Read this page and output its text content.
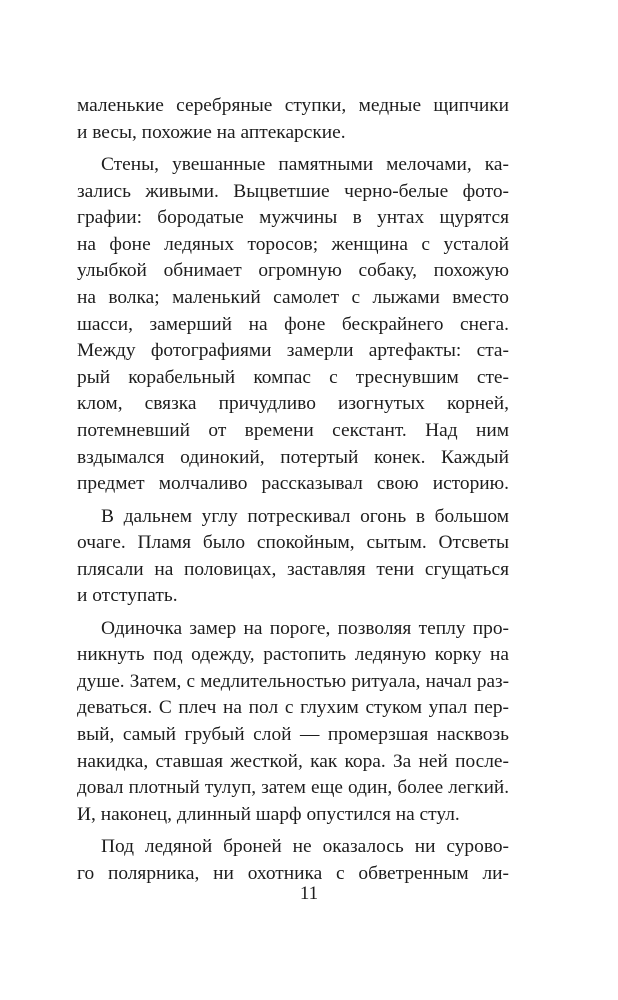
маленькие серебряные ступки, медные щипчики
и весы, похожие на аптекарские.
Стены, увешанные памятными мелочами, ка-
зались живыми. Выцветшие черно-белые фото-
графии: бородатые мужчины в унтах щурятся
на фоне ледяных торосов; женщина с усталой
улыбкой обнимает огромную собаку, похожую
на волка; маленький самолет с лыжами вместо
шасси, замерший на фоне бескрайнего снега.
Между фотографиями замерли артефакты: ста-
рый корабельный компас с треснувшим сте-
клом, связка причудливо изогнутых корней,
потемневший от времени секстант. Над ним
вздымался одинокий, потертый конек. Каждый
предмет молчаливо рассказывал свою историю.
В дальнем углу потрескивал огонь в большом
очаге. Пламя было спокойным, сытым. Отсветы
плясали на половицах, заставляя тени сгущаться
и отступать.
Одиночка замер на пороге, позволяя теплу про-
никнуть под одежду, растопить ледяную корку на
душе. Затем, с медлительностью ритуала, начал раз-
деваться. С плеч на пол с глухим стуком упал пер-
вый, самый грубый слой — промерзшая насквозь
накидка, ставшая жесткой, как кора. За ней после-
довал плотный тулуп, затем еще один, более легкий.
И, наконец, длинный шарф опустился на стул.
Под ледяной броней не оказалось ни сурово-
го полярника, ни охотника с обветренным ли-
11
